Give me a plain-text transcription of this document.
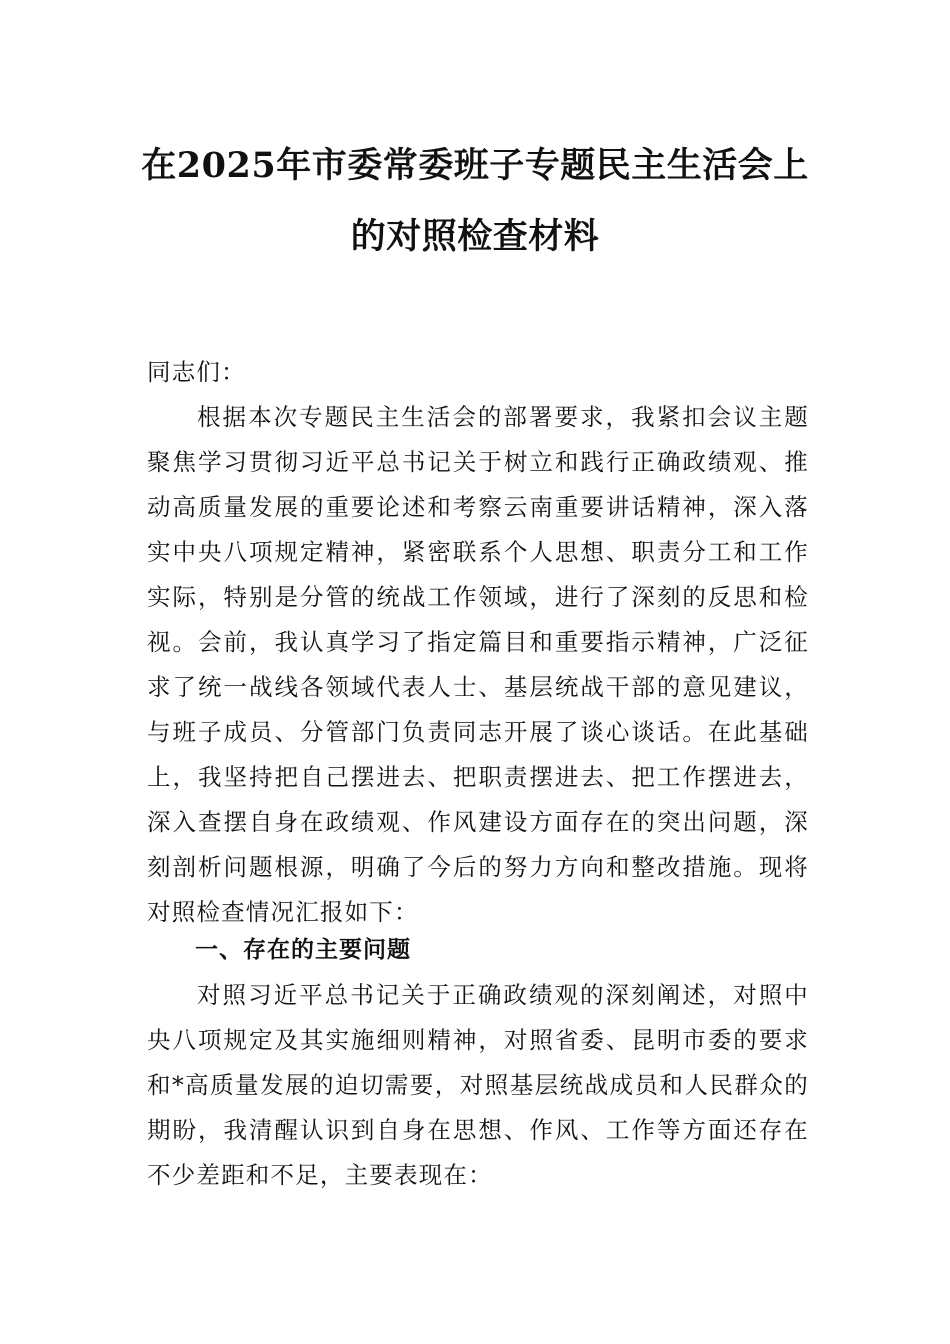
在2025年市委常委班子专题民主生活会上
的对照检查材料

同志们：

根据本次专题民主生活会的部署要求，我紧扣会议主题聚焦学习贯彻习近平总书记关于树立和践行正确政绩观、推动高质量发展的重要论述和考察云南重要讲话精神，深入落实中央八项规定精神，紧密联系个人思想、职责分工和工作实际，特别是分管的统战工作领域，进行了深刻的反思和检视。会前，我认真学习了指定篇目和重要指示精神，广泛征求了统一战线各领域代表人士、基层统战干部的意见建议，与班子成员、分管部门负责同志开展了谈心谈话。在此基础上，我坚持把自己摆进去、把职责摆进去、把工作摆进去，深入查摆自身在政绩观、作风建设方面存在的突出问题，深刻剖析问题根源，明确了今后的努力方向和整改措施。现将对照检查情况汇报如下：

一、存在的主要问题

对照习近平总书记关于正确政绩观的深刻阐述，对照中央八项规定及其实施细则精神，对照省委、昆明市委的要求和*高质量发展的迫切需要，对照基层统战成员和人民群众的期盼，我清醒认识到自身在思想、作风、工作等方面还存在不少差距和不足，主要表现在：
